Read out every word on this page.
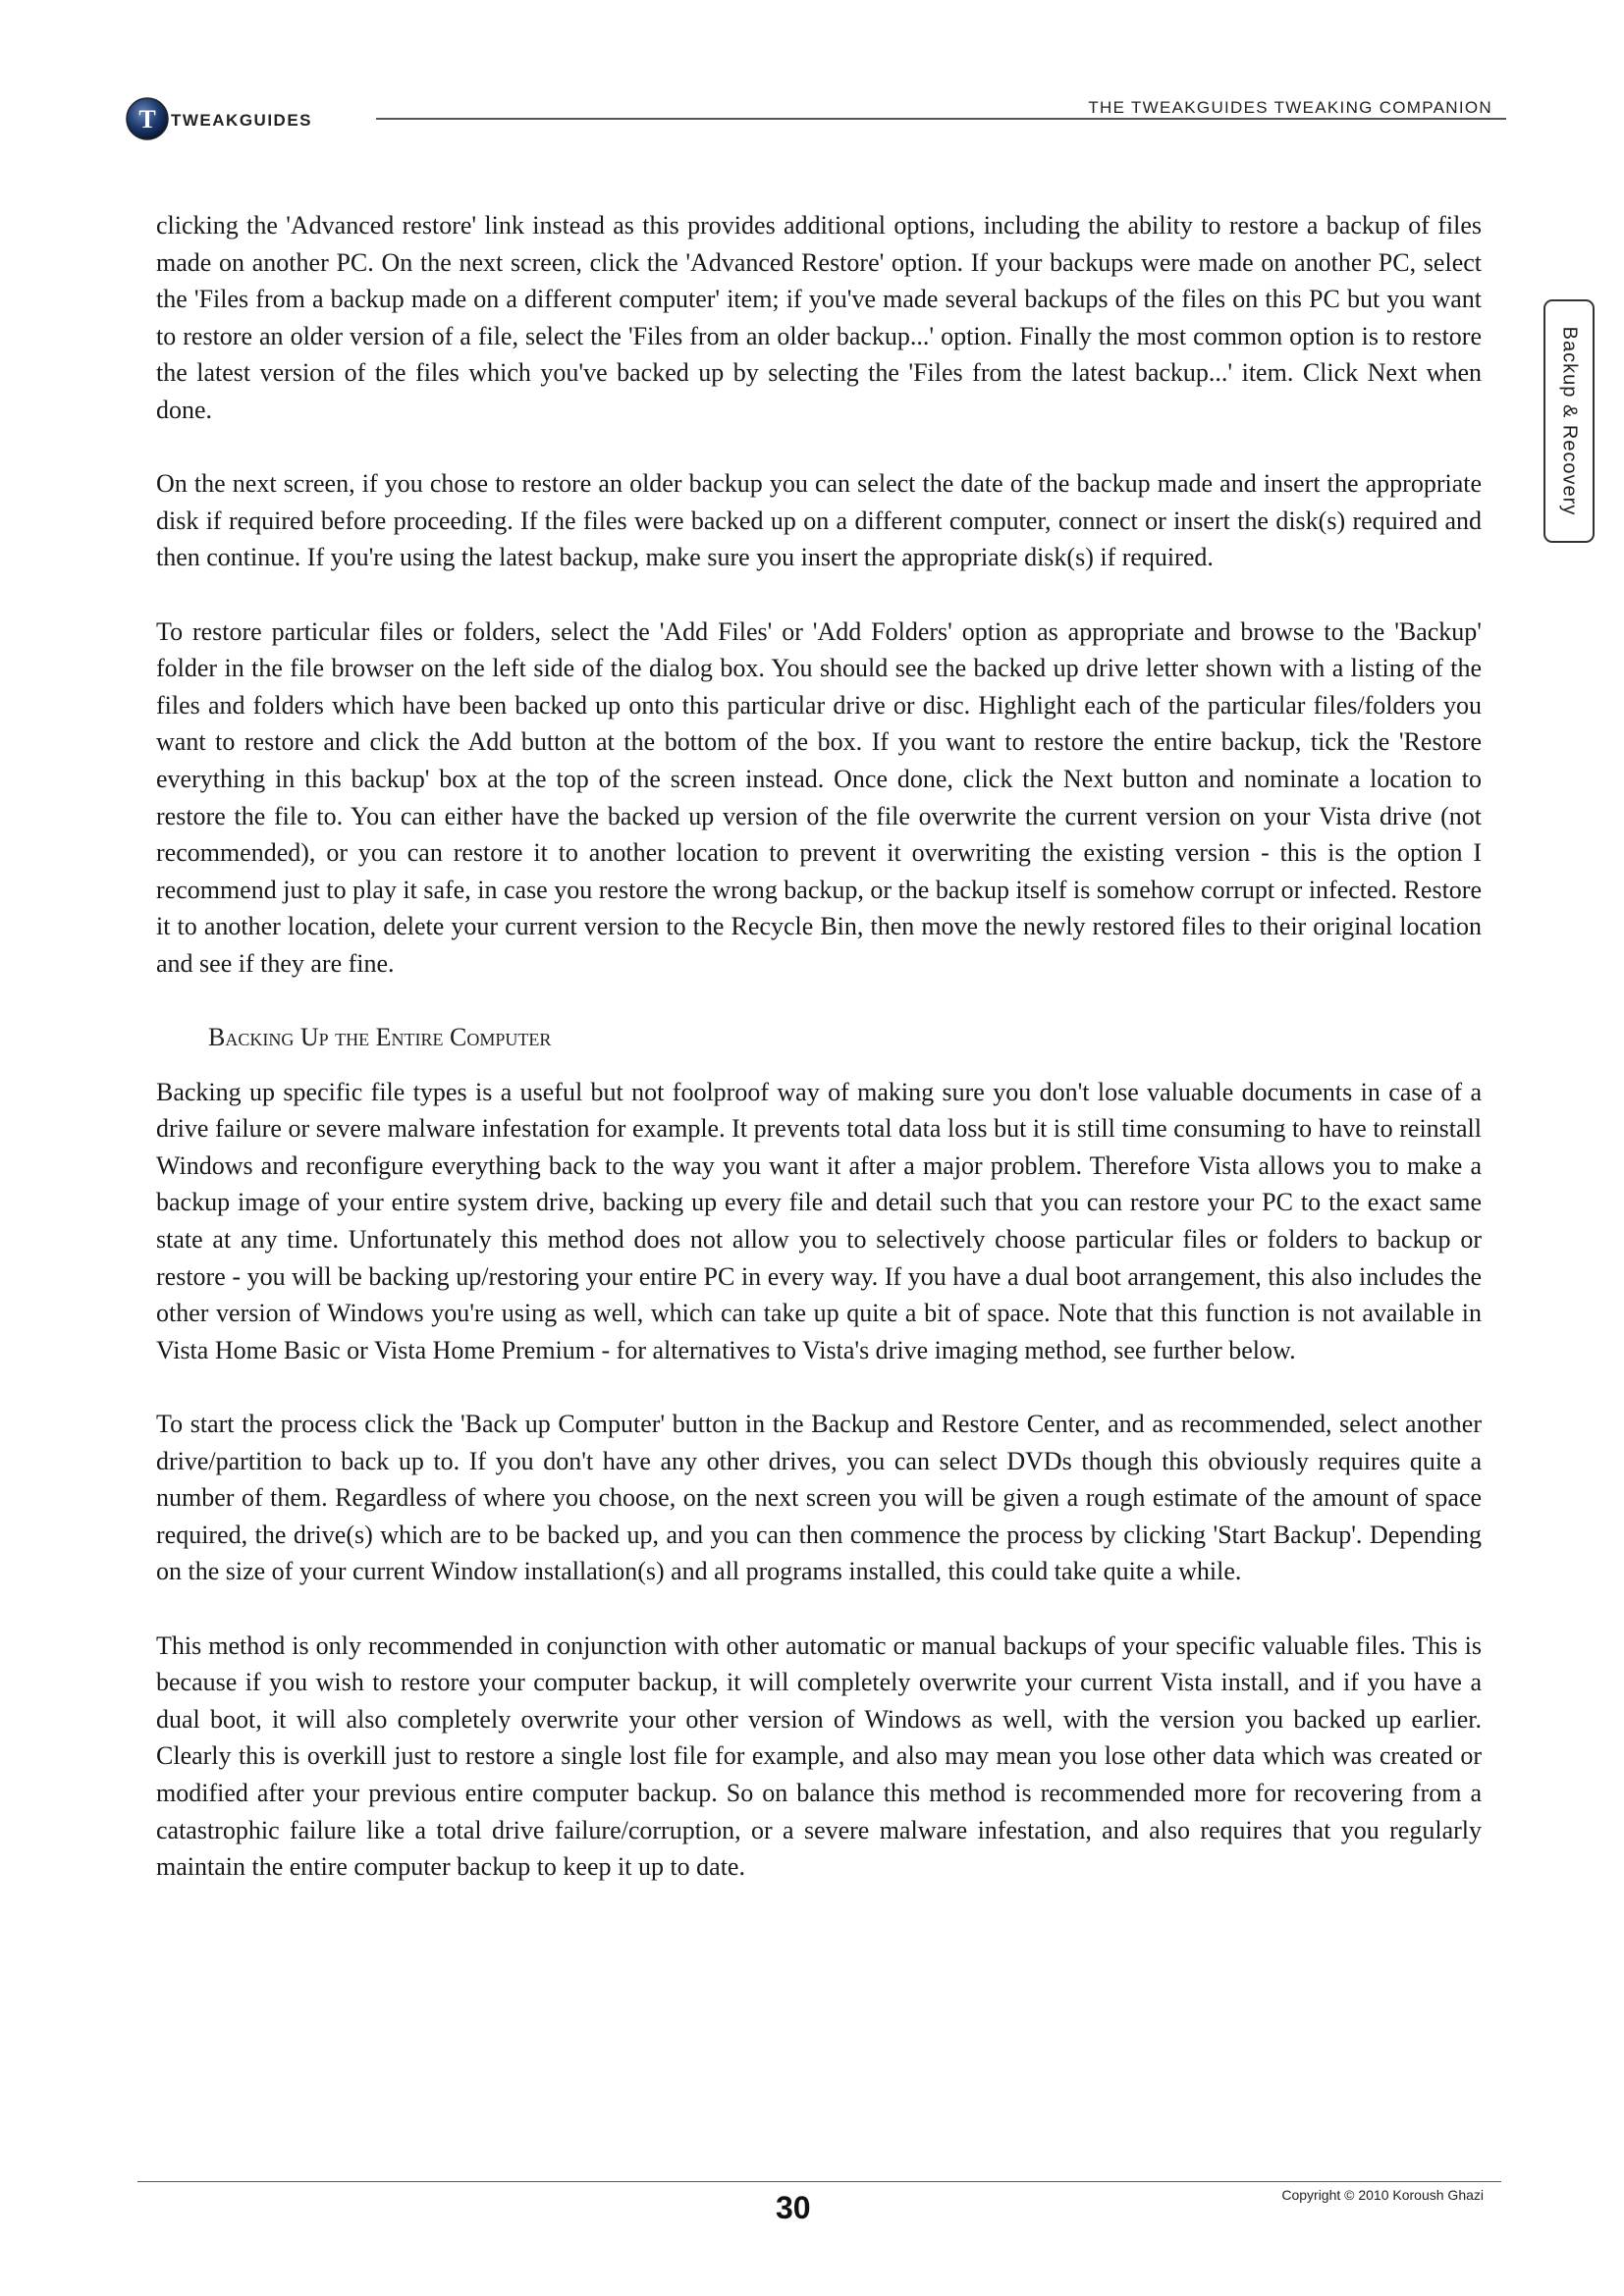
T TWEAKGUIDES
THE TWEAKGUIDES TWEAKING COMPANION
Backup & Recovery

clicking the 'Advanced restore' link instead as this provides additional options, including the ability to restore a backup of files made on another PC. On the next screen, click the 'Advanced Restore' option. If your backups were made on another PC, select the 'Files from a backup made on a different computer' item; if you've made several backups of the files on this PC but you want to restore an older version of a file, select the 'Files from an older backup...' option. Finally the most common option is to restore the latest version of the files which you've backed up by selecting the 'Files from the latest backup...' item. Click Next when done.

On the next screen, if you chose to restore an older backup you can select the date of the backup made and insert the appropriate disk if required before proceeding. If the files were backed up on a different computer, connect or insert the disk(s) required and then continue. If you're using the latest backup, make sure you insert the appropriate disk(s) if required.

To restore particular files or folders, select the 'Add Files' or 'Add Folders' option as appropriate and browse to the 'Backup' folder in the file browser on the left side of the dialog box. You should see the backed up drive letter shown with a listing of the files and folders which have been backed up onto this particular drive or disc. Highlight each of the particular files/folders you want to restore and click the Add button at the bottom of the box. If you want to restore the entire backup, tick the 'Restore everything in this backup' box at the top of the screen instead. Once done, click the Next button and nominate a location to restore the file to. You can either have the backed up version of the file overwrite the current version on your Vista drive (not recommended), or you can restore it to another location to prevent it overwriting the existing version - this is the option I recommend just to play it safe, in case you restore the wrong backup, or the backup itself is somehow corrupt or infected. Restore it to another location, delete your current version to the Recycle Bin, then move the newly restored files to their original location and see if they are fine.

Backing Up the Entire Computer

Backing up specific file types is a useful but not foolproof way of making sure you don't lose valuable documents in case of a drive failure or severe malware infestation for example. It prevents total data loss but it is still time consuming to have to reinstall Windows and reconfigure everything back to the way you want it after a major problem. Therefore Vista allows you to make a backup image of your entire system drive, backing up every file and detail such that you can restore your PC to the exact same state at any time. Unfortunately this method does not allow you to selectively choose particular files or folders to backup or restore - you will be backing up/restoring your entire PC in every way. If you have a dual boot arrangement, this also includes the other version of Windows you're using as well, which can take up quite a bit of space. Note that this function is not available in Vista Home Basic or Vista Home Premium - for alternatives to Vista's drive imaging method, see further below.

To start the process click the 'Back up Computer' button in the Backup and Restore Center, and as recommended, select another drive/partition to back up to. If you don't have any other drives, you can select DVDs though this obviously requires quite a number of them. Regardless of where you choose, on the next screen you will be given a rough estimate of the amount of space required, the drive(s) which are to be backed up, and you can then commence the process by clicking 'Start Backup'. Depending on the size of your current Window installation(s) and all programs installed, this could take quite a while.

This method is only recommended in conjunction with other automatic or manual backups of your specific valuable files. This is because if you wish to restore your computer backup, it will completely overwrite your current Vista install, and if you have a dual boot, it will also completely overwrite your other version of Windows as well, with the version you backed up earlier. Clearly this is overkill just to restore a single lost file for example, and also may mean you lose other data which was created or modified after your previous entire computer backup. So on balance this method is recommended more for recovering from a catastrophic failure like a total drive failure/corruption, or a severe malware infestation, and also requires that you regularly maintain the entire computer backup to keep it up to date.

30	Copyright © 2010 Koroush Ghazi
